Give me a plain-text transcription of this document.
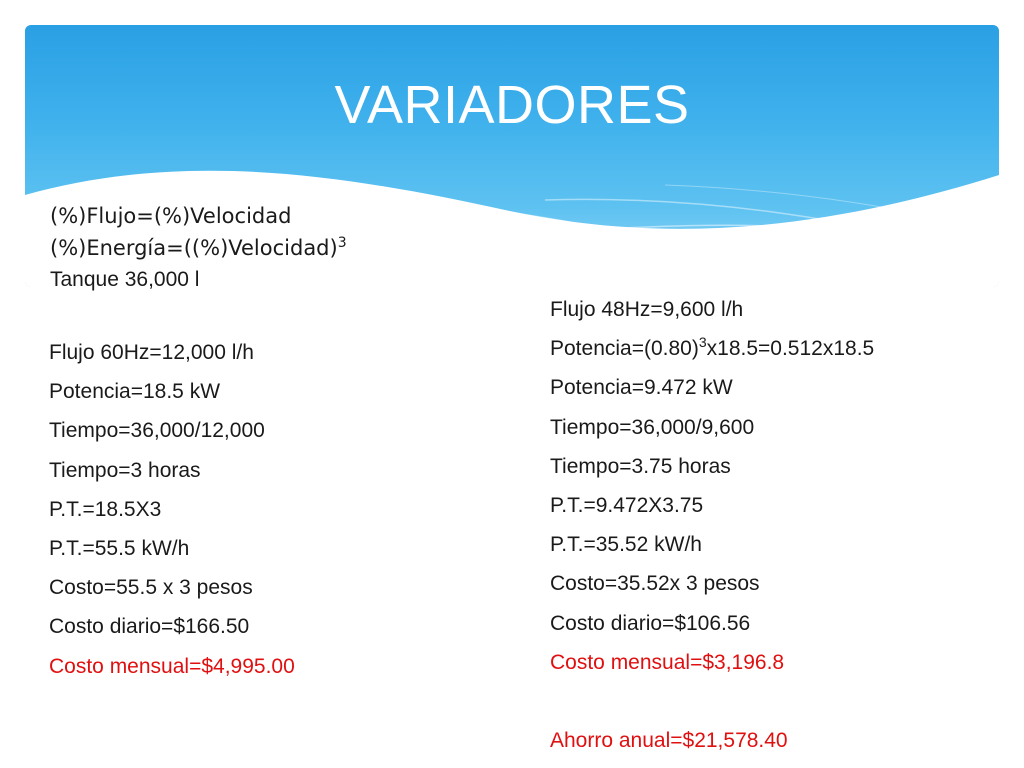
VARIADORES
(%)Flujo=(%)Velocidad
(%)Energía=((%)Velocidad)$^3$
Tanque 36,000 l
Flujo 60Hz=12,000 l/h
Potencia=18.5 kW
Tiempo=36,000/12,000
Tiempo=3 horas
P.T.=18.5X3
P.T.=55.5 kW/h
Costo=55.5 x 3 pesos
Costo diario=$166.50
Costo mensual=$4,995.00
Flujo 48Hz=9,600 l/h
$Potencia=(0.80)^3x18.5=0.512x18.5$
Potencia=9.472 kW
Tiempo=36,000/9,600
Tiempo=3.75 horas
P.T.=9.472X3.75
P.T.=35.52 kW/h
Costo=35.52x 3 pesos
Costo diario=$106.56
Costo mensual=$3,196.8
Ahorro anual=$21,578.40
